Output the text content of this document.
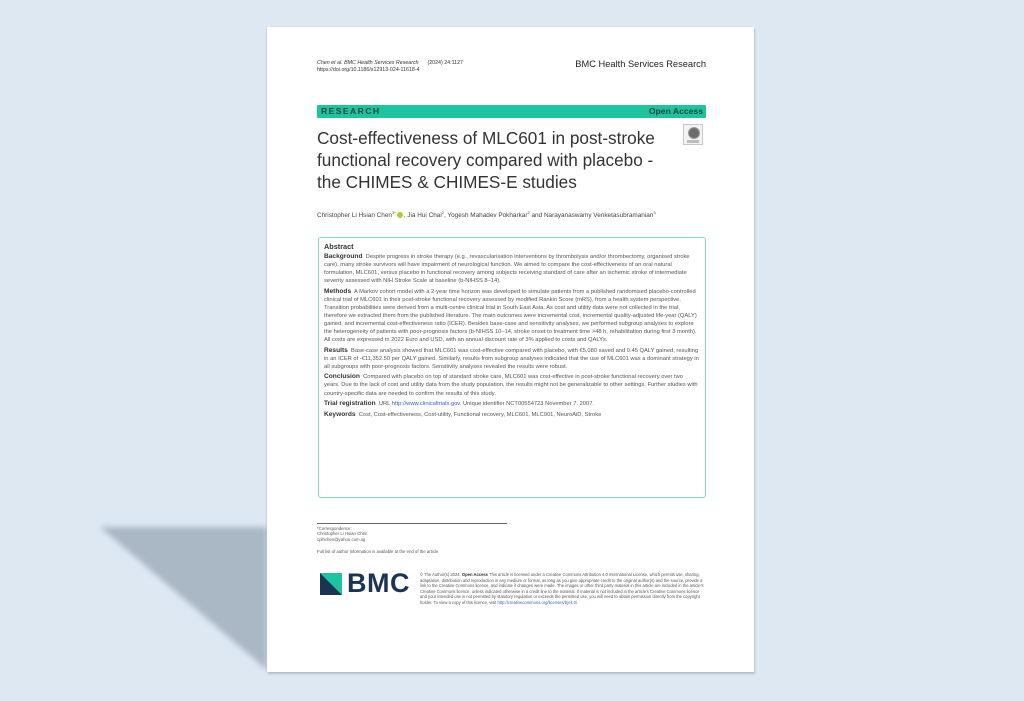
Chen et al. BMC Health Services Research (2024) 24:1127
https://doi.org/10.1186/s12913-024-11618-4
BMC Health Services Research
RESEARCH	Open Access
Cost-effectiveness of MLC601 in post-stroke functional recovery compared with placebo - the CHIMES & CHIMES-E studies
Christopher Li Hsian Chen$^{1*}$ , Jia Hui Chai$^2$, Yogesh Mahadev Pokharkar$^2$ and Narayanaswamy Venketasubramanian$^3$
Abstract

Background Despite progress in stroke therapy (e.g., revascularisation interventions by thrombolysis and/or thrombectomy, organised stroke care), many stroke survivors will have impairment of neurological function. We aimed to compare the cost-effectiveness of an oral natural formulation, MLC601, versus placebo in functional recovery among subjects receiving standard of care after an ischemic stroke of intermediate severity assessed with NIH Stroke Scale at baseline (b-NIHSS 8–14).

Methods A Markov cohort model with a 2-year time horizon was developed to simulate patients from a published randomised placebo-controlled clinical trial of MLC601 in their post-stroke functional recovery assessed by modified Rankin Score (mRS), from a health system perspective. Transition probabilities were derived from a multi-centre clinical trial in South East Asia. As cost and utility data were not collected in the trial, therefore we extracted them from the published literature. The main outcomes were incremental cost, incremental quality-adjusted life-year (QALY) gained, and incremental cost-effectiveness ratio (ICER). Besides base-case and sensitivity analyses, we performed subgroup analyses to explore the heterogeneity of patients with poor-prognosis factors (b-NIHSS 10–14, stroke onset to treatment time >48 h, rehabilitation during first 3 month). All costs are expressed in 2022 Euro and USD, with an annual discount rate of 3% applied to costs and QALYs.

Results Base-case analysis showed that MLC601 was cost-effective compared with placebo, with €5,080 saved and 0.45 QALY gained, resulting in an ICER of -€11,352.50 per QALY gained. Similarly, results from subgroup analyses indicated that the use of MLC601 was a dominant strategy in all subgroups with poor-prognosis factors. Sensitivity analyses revealed the results were robust.

Conclusion Compared with placebo on top of standard stroke care, MLC601 was cost-effective in post-stroke functional recovery over two years. Due to the lack of cost and utility data from the study population, the results might not be generalizable to other settings. Further studies with country-specific data are needed to confirm the results of this study.

Trial registration URL http://www.clinicaltrials.gov. Unique identifier NCT00554723 November 7, 2007.

Keywords Cost, Cost-effectiveness, Cost-utility, Functional recovery, MLC601, MLC901, NeuroAiD, Stroke

*Correspondence:
Christopher Li Hsian Chen
cplhchen@yahoo.com.sg
Full list of author information is available at the end of the article
BMC © The Author(s) 2024. Open Access This article is licensed under a Creative Commons Attribution 4.0 International License, which permits use, sharing, adaptation, distribution and reproduction in any medium or format, as long as you give appropriate credit to the original author(s) and the source, provide a link to the Creative Commons licence, and indicate if changes were made. The images or other third party material in this article are included in the article's Creative Commons licence, unless indicated otherwise in a credit line to the material. If material is not included in the article's Creative Commons licence and your intended use is not permitted by statutory regulation or exceeds the permitted use, you will need to obtain permission directly from the copyright holder. To view a copy of this licence, visit http://creativecommons.org/licenses/by/4.0/.
